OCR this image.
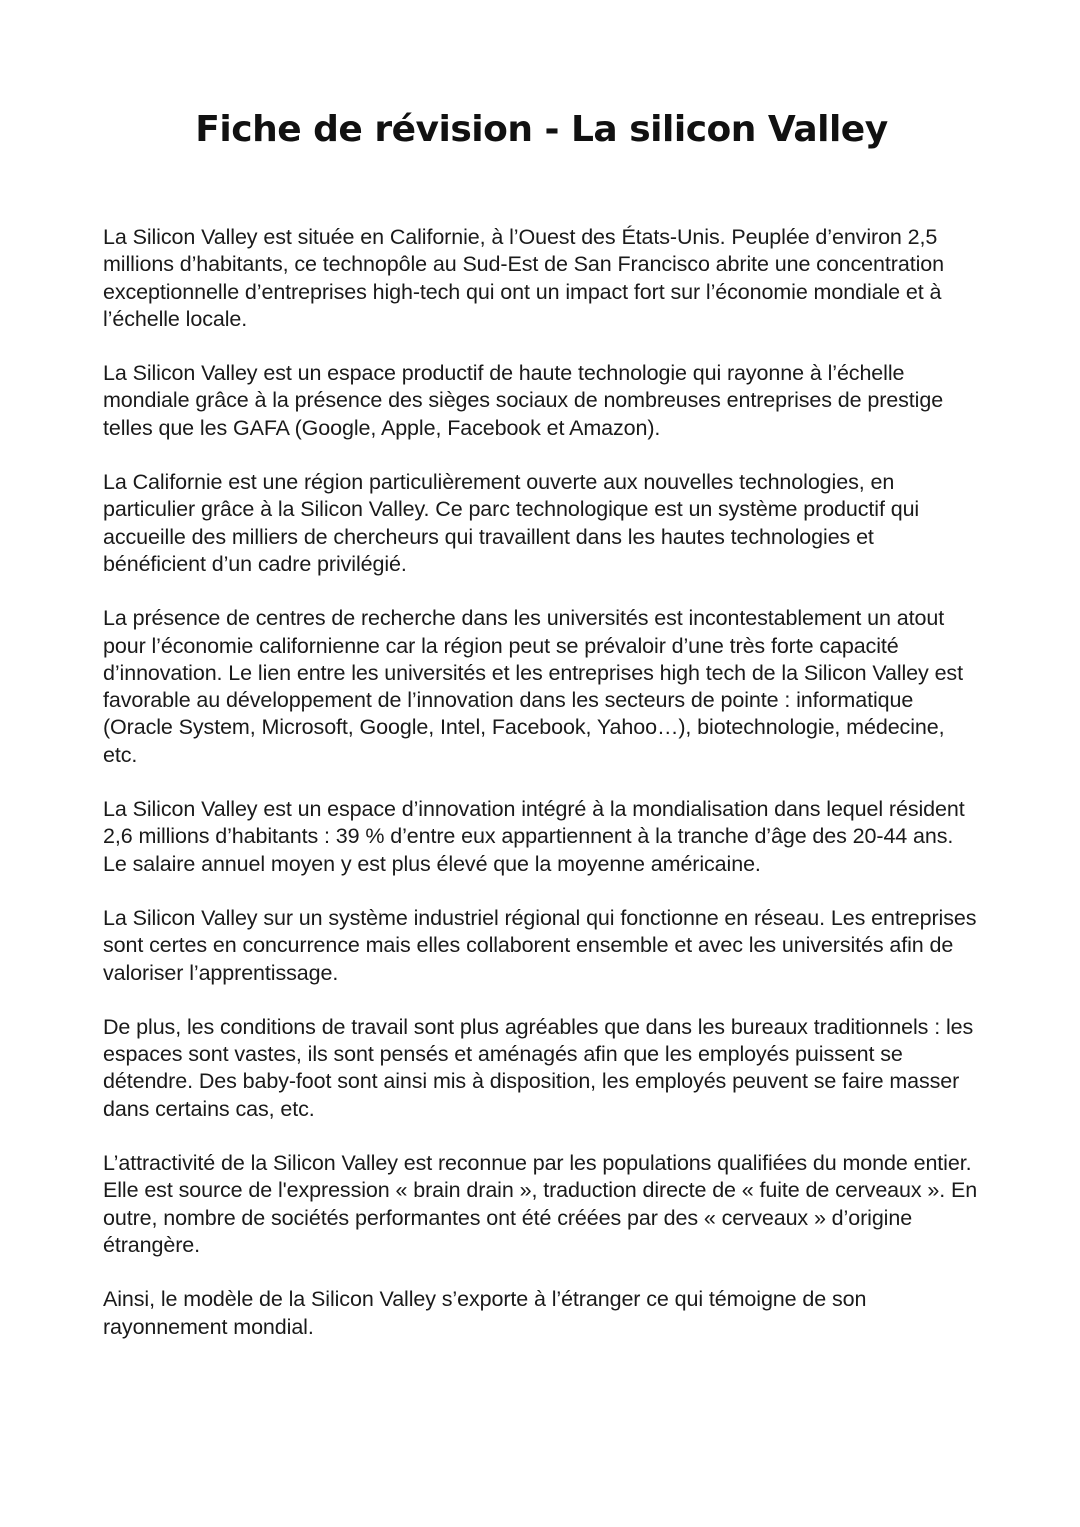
Fiche de révision - La silicon Valley

La Silicon Valley est située en Californie, à l’Ouest des États-Unis. Peuplée d’environ 2,5 millions d’habitants, ce technopôle au Sud-Est de San Francisco abrite une concentration exceptionnelle d’entreprises high-tech qui ont un impact fort sur l’économie mondiale et à l’échelle locale.

La Silicon Valley est un espace productif de haute technologie qui rayonne à l’échelle mondiale grâce à la présence des sièges sociaux de nombreuses entreprises de prestige telles que les GAFA (Google, Apple, Facebook et Amazon).

La Californie est une région particulièrement ouverte aux nouvelles technologies, en particulier grâce à la Silicon Valley. Ce parc technologique est un système productif qui accueille des milliers de chercheurs qui travaillent dans les hautes technologies et bénéficient d’un cadre privilégié.

La présence de centres de recherche dans les universités est incontestablement un atout pour l’économie californienne car la région peut se prévaloir d’une très forte capacité d’innovation. Le lien entre les universités et les entreprises high tech de la Silicon Valley est favorable au développement de l’innovation dans les secteurs de pointe : informatique (Oracle System, Microsoft, Google, Intel, Facebook, Yahoo…), biotechnologie, médecine, etc.

La Silicon Valley est un espace d’innovation intégré à la mondialisation dans lequel résident 2,6 millions d’habitants : 39 % d’entre eux appartiennent à la tranche d’âge des 20-44 ans. Le salaire annuel moyen y est plus élevé que la moyenne américaine.

La Silicon Valley sur un système industriel régional qui fonctionne en réseau. Les entreprises sont certes en concurrence mais elles collaborent ensemble et avec les universités afin de valoriser l’apprentissage.

De plus, les conditions de travail sont plus agréables que dans les bureaux traditionnels : les espaces sont vastes, ils sont pensés et aménagés afin que les employés puissent se détendre. Des baby-foot sont ainsi mis à disposition, les employés peuvent se faire masser dans certains cas, etc.

L’attractivité de la Silicon Valley est reconnue par les populations qualifiées du monde entier. Elle est source de l'expression « brain drain », traduction directe de « fuite de cerveaux ». En outre, nombre de sociétés performantes ont été créées par des « cerveaux » d’origine étrangère.

Ainsi, le modèle de la Silicon Valley s’exporte à l’étranger ce qui témoigne de son rayonnement mondial.
